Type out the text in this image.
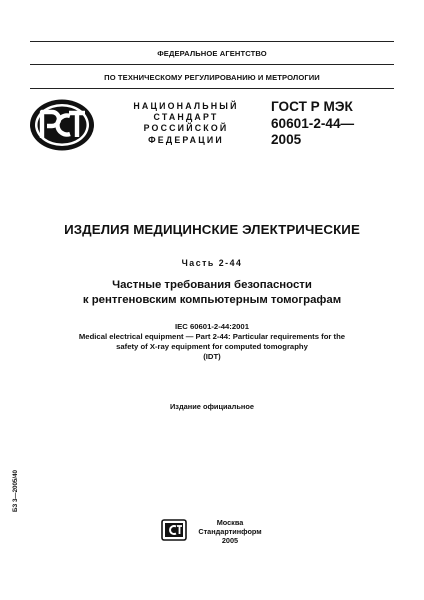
ФЕДЕРАЛЬНОЕ АГЕНТСТВО
ПО ТЕХНИЧЕСКОМУ РЕГУЛИРОВАНИЮ И МЕТРОЛОГИИ
НАЦИОНАЛЬНЫЙ
СТАНДАРТ
РОССИЙСКОЙ
ФЕДЕРАЦИИ
ГОСТ Р МЭК
60601-2-44—
2005
ИЗДЕЛИЯ МЕДИЦИНСКИЕ ЭЛЕКТРИЧЕСКИЕ
Часть 2-44
Частные требования безопасности
к рентгеновским компьютерным томографам
IEC 60601-2-44:2001
Medical electrical equipment — Part 2-44: Particular requirements for the
safety of X-ray equipment for computed tomography
(IDT)
Издание официальное
БЗ 3—2005/40
Москва
Стандартинформ
2005
